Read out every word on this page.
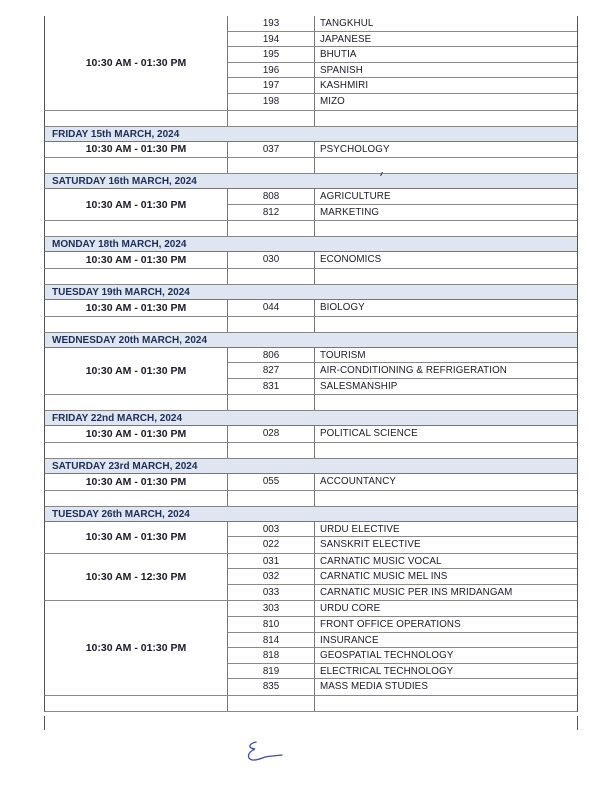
10:30 AM - 01:30 PM
193	TANGKHUL
194	JAPANESE
195	BHUTIA
196	SPANISH
197	KASHMIRI
198	MIZO
FRIDAY 15th MARCH, 2024
10:30 AM - 01:30 PM	037	PSYCHOLOGY
SATURDAY 16th MARCH, 2024
10:30 AM - 01:30 PM
808	AGRICULTURE
812	MARKETING
MONDAY 18th MARCH, 2024
10:30 AM - 01:30 PM	030	ECONOMICS
TUESDAY 19th MARCH, 2024
10:30 AM - 01:30 PM	044	BIOLOGY
WEDNESDAY 20th MARCH, 2024
10:30 AM - 01:30 PM
806	TOURISM
827	AIR-CONDITIONING & REFRIGERATION
831	SALESMANSHIP
FRIDAY 22nd MARCH, 2024
10:30 AM - 01:30 PM	028	POLITICAL SCIENCE
SATURDAY 23rd MARCH, 2024
10:30 AM - 01:30 PM	055	ACCOUNTANCY
TUESDAY 26th MARCH, 2024
10:30 AM - 01:30 PM
003	URDU ELECTIVE
022	SANSKRIT ELECTIVE
10:30 AM - 12:30 PM
031	CARNATIC MUSIC VOCAL
032	CARNATIC MUSIC MEL INS
033	CARNATIC MUSIC PER INS MRIDANGAM
10:30 AM - 01:30 PM
303	URDU CORE
810	FRONT OFFICE OPERATIONS
814	INSURANCE
818	GEOSPATIAL TECHNOLOGY
819	ELECTRICAL TECHNOLOGY
835	MASS MEDIA STUDIES
